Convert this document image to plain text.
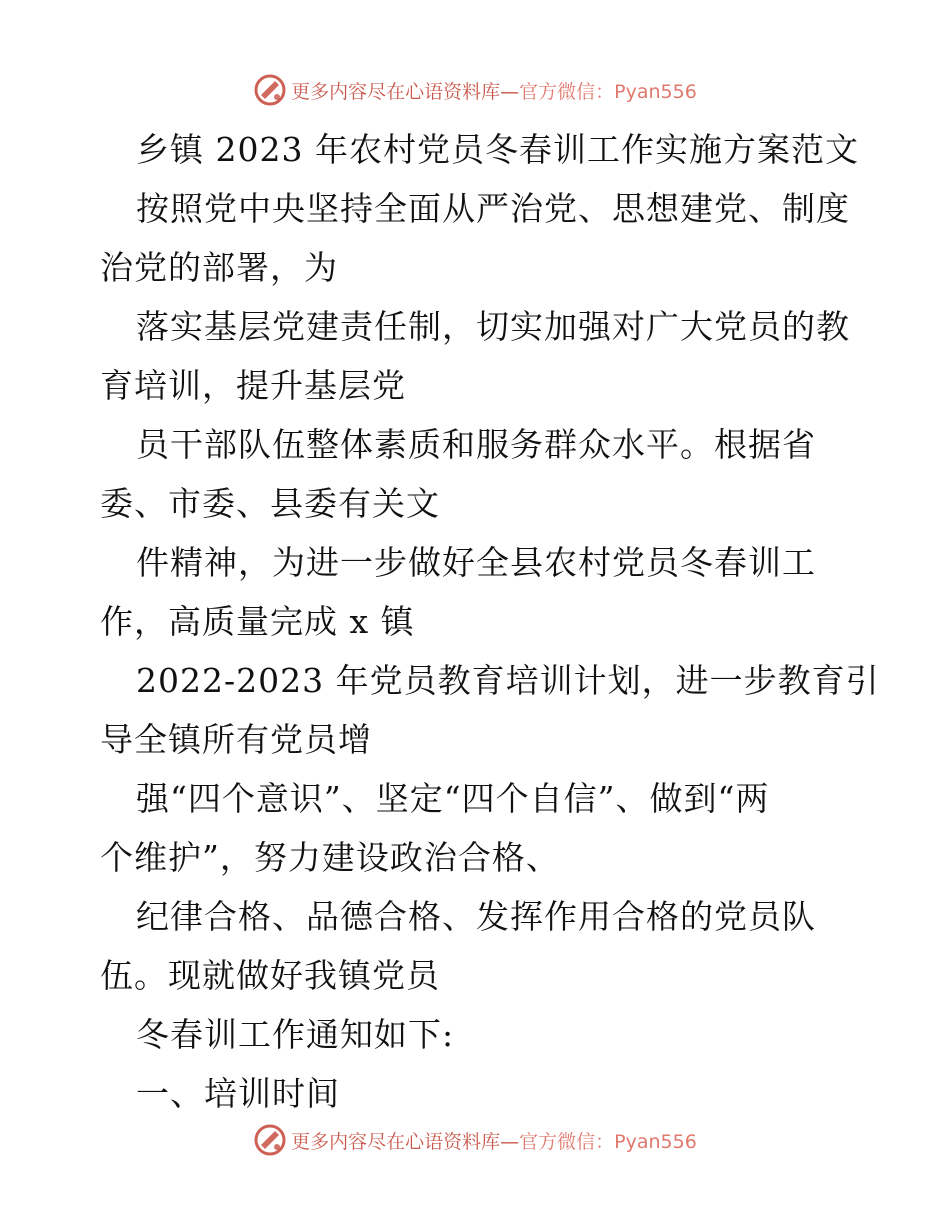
更多内容尽在心语资料库— 官方微信：Pyan556
乡镇 2023 年农村党员冬春训工作实施方案范文
按照党中央坚持全面从严治党、思想建党、制度
治党的部署，为
落实基层党建责任制，切实加强对广大党员的教
育培训，提升基层党
员干部队伍整体素质和服务群众水平。根据省
委、市委、县委有关文
件精神，为进一步做好全县农村党员冬春训工
作，高质量完成 x 镇
2022-2023 年党员教育培训计划，进一步教育引
导全镇所有党员增
强“四个意识”、坚定“四个自信”、做到“两
个维护”，努力建设政治合格、
纪律合格、品德合格、发挥作用合格的党员队
伍。现就做好我镇党员
冬春训工作通知如下:
一、培训时间
更多内容尽在心语资料库— 官方微信：Pyan556
